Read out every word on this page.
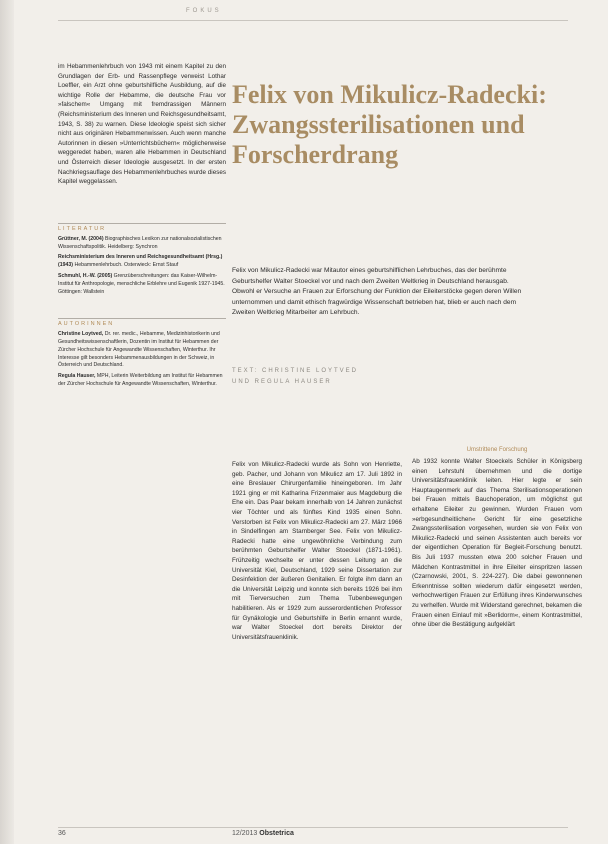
FOKUS

im Hebammenlehrbuch von 1943 mit einem Kapitel zu den Grundlagen der Erb- und Rassenpflege verweist Lothar Loeffler, ein Arzt ohne geburtshilfliche Ausbildung, auf die wichtige Rolle der Hebamme, die deutsche Frau vor »falschem« Umgang mit fremdrassigen Männern (Reichsministerium des Inneren und Reichsgesundheitsamt, 1943, S. 38) zu warnen. Diese Ideologie speist sich sicher nicht aus originären Hebammenwissen. Auch wenn manche Autorinnen in diesen »Unterrichtsbüchern« möglicherweise weggeredet haben, waren alle Hebammen in Deutschland und Österreich dieser Ideologie ausgesetzt. In der ersten Nachkriegsauflage des Hebammenlehrbuches wurde dieses Kapitel weggelassen.

LITERATUR

Grüttner, M. (2004) Biographisches Lexikon zur nationalsozialistischen Wissenschaftspolitik. Heidelberg: Synchron

Reichsministerium des Inneren und Reichsgesundheitsamt (Hrsg.) (1943) Hebammenlehrbuch. Osterwieck: Ernst Stauf

Schmuhl, H.-W. (2005) Grenzüberschreitungen: das Kaiser-Wilhelm-Institut für Anthropologie, menschliche Erblehre und Eugenik 1927-1945. Göttingen: Wallstein

AUTORINNEN

Christine Loytved, Dr. rer. medic., Hebamme, Medizinhistorikerin und Gesundheitswissenschaftlerin, Dozentin im Institut für Hebammen der Zürcher Hochschule für Angewandte Wissenschaften, Winterthur. Ihr Interesse gilt besonders Hebammenausbildungen in der Schweiz, in Österreich und Deutschland.

Regula Hauser, MPH, Leiterin Weiterbildung am Institut für Hebammen der Zürcher Hochschule für Angewandte Wissenschaften, Winterthur.

Felix von Mikulicz-Radecki: Zwangssterilisationen und Forscherdrang

Felix von Mikulicz-Radecki war Mitautor eines geburtshilflichen Lehrbuches, das der berühmte Geburtshelfer Walter Stoeckel vor und nach dem Zweiten Weltkrieg in Deutschland herausgab. Obwohl er Versuche an Frauen zur Erforschung der Funktion der Eileiterstöcke gegen deren Willen unternommen und damit ethisch fragwürdige Wissenschaft betrieben hat, blieb er auch nach dem Zweiten Weltkrieg Mitarbeiter am Lehrbuch.

TEXT: CHRISTINE LOYTVED
UND REGULA HAUSER

Felix von Mikulicz-Radecki wurde als Sohn von Henriette, geb. Pacher, und Johann von Mikulicz am 17. Juli 1892 in eine Breslauer Chirurgenfamilie hineingeboren. Im Jahr 1921 ging er mit Katharina Frizenmaier aus Magdeburg die Ehe ein. Das Paar bekam innerhalb von 14 Jahren zunächst vier Töchter und als fünftes Kind 1935 einen Sohn. Verstorben ist Felix von Mikulicz-Radecki am 27. März 1966 in Sindelfingen am Starnberger See. Felix von Mikulicz-Radecki hatte eine ungewöhnliche Verbindung zum berühmten Geburtshelfer Walter Stoeckel (1871-1961). Frühzeitig wechselte er unter dessen Leitung an die Universität Kiel, Deutschland, 1929 seine Dissertation zur Desinfektion der äußeren Genitalien. Er folgte ihm dann an die Universität Leipzig und konnte sich bereits 1926 bei ihm mit Tierversuchen zum Thema Tubenbewegungen habilitieren. Als er 1929 zum ausserordentlichen Professor für Gynäkologie und Geburtshilfe in Berlin ernannt wurde, war Walter Stoeckel dort bereits Direktor der Universitätsfrauenklinik.

Umstrittene Forschung

Ab 1932 konnte Walter Stoeckels Schüler in Königsberg einen Lehrstuhl übernehmen und die dortige Universitätsfrauenklinik leiten. Hier legte er sein Hauptaugenmerk auf das Thema Sterilisationsoperationen bei Frauen mittels Bauchoperation, um möglichst gut erhaltene Eileiter zu gewinnen. Wurden Frauen vom »erbgesundheitlichen« Gericht für eine gesetzliche Zwangssterilisation vorgesehen, wurden sie von Felix von Mikulicz-Radecki und seinen Assistenten auch bereits vor der eigentlichen Operation für Begleit-Forschung benutzt. Bis Juli 1937 mussten etwa 200 solcher Frauen und Mädchen Kontrastmittel in ihre Eileiter einspritzen lassen (Czarnowski, 2001, S. 224-227). Die dabei gewonnenen Erkenntnisse sollten wiederum dafür eingesetzt werden, verhochwertigen Frauen zur Erfüllung ihres Kinderwunsches zu verhelfen. Wurde mit Widerstand gerechnet, bekamen die Frauen einen Einlauf mit »Berlidorm«, einem Kontrastmittel, ohne über die Bestätigung aufgeklärt

36	12/2013 Obstetrica
